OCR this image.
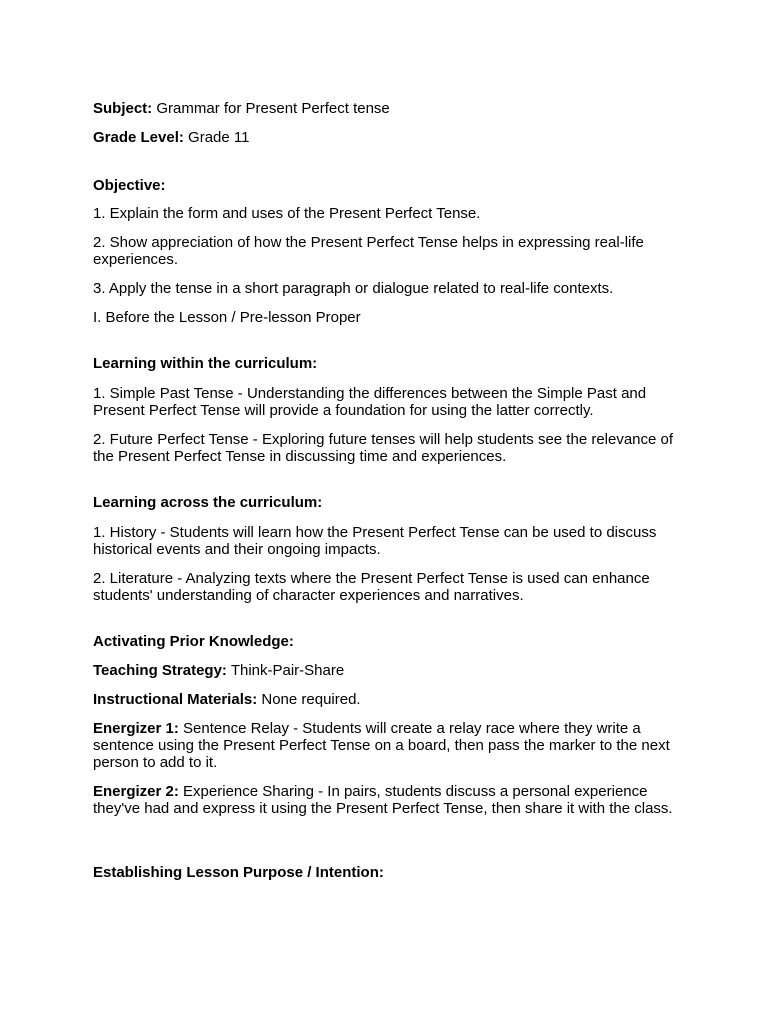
Subject: Grammar for Present Perfect tense
Grade Level: Grade 11
Objective:
1. Explain the form and uses of the Present Perfect Tense.
2. Show appreciation of how the Present Perfect Tense helps in expressing real-life experiences.
3. Apply the tense in a short paragraph or dialogue related to real-life contexts.
I. Before the Lesson / Pre-lesson Proper
Learning within the curriculum:
1. Simple Past Tense - Understanding the differences between the Simple Past and Present Perfect Tense will provide a foundation for using the latter correctly.
2. Future Perfect Tense - Exploring future tenses will help students see the relevance of the Present Perfect Tense in discussing time and experiences.
Learning across the curriculum:
1. History - Students will learn how the Present Perfect Tense can be used to discuss historical events and their ongoing impacts.
2. Literature - Analyzing texts where the Present Perfect Tense is used can enhance students' understanding of character experiences and narratives.
Activating Prior Knowledge:
Teaching Strategy: Think-Pair-Share
Instructional Materials: None required.
Energizer 1: Sentence Relay - Students will create a relay race where they write a sentence using the Present Perfect Tense on a board, then pass the marker to the next person to add to it.
Energizer 2: Experience Sharing - In pairs, students discuss a personal experience they've had and express it using the Present Perfect Tense, then share it with the class.
Establishing Lesson Purpose / Intention:
